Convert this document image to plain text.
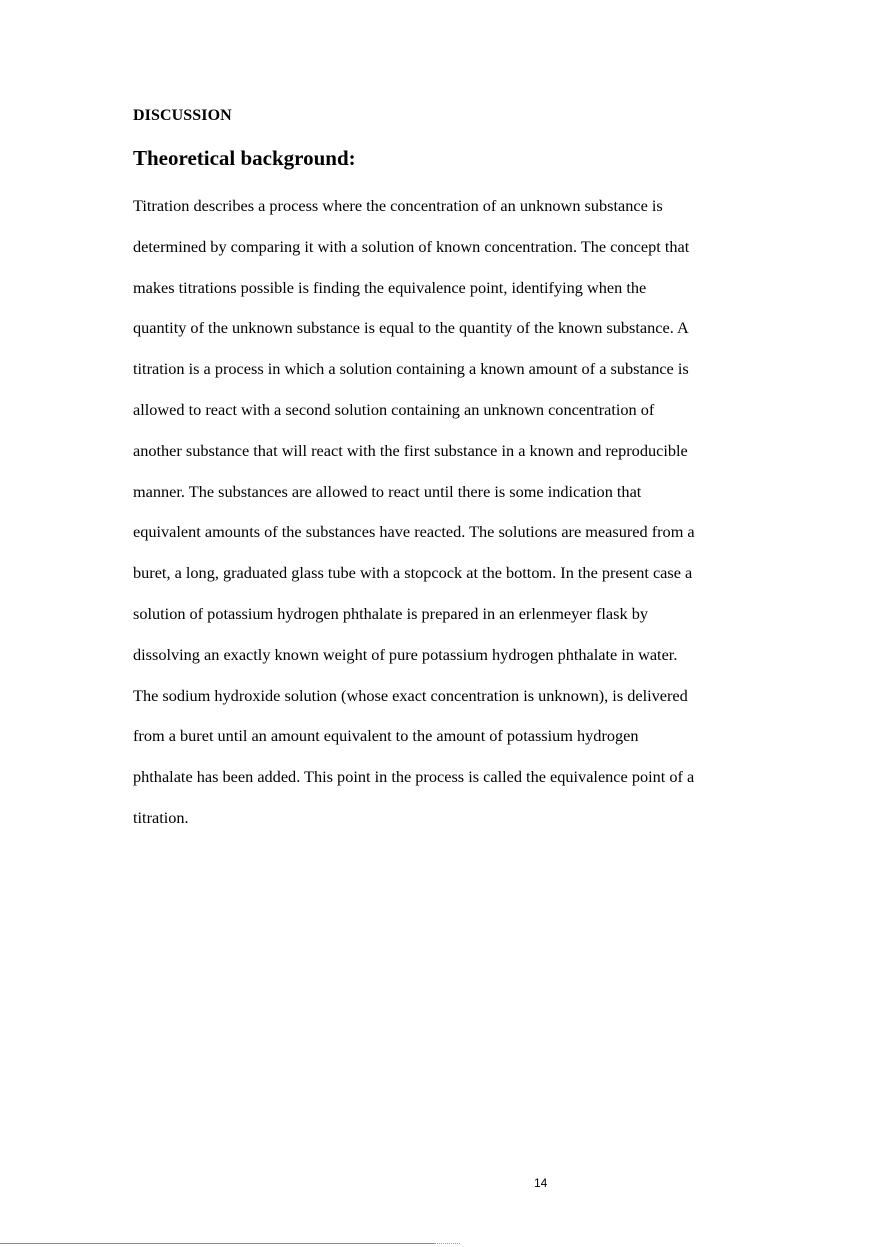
DISCUSSION
Theoretical background:
Titration describes a process where the concentration of an unknown substance is
determined by comparing it with a solution of known concentration. The concept that
makes titrations possible is finding the equivalence point, identifying when the
quantity of the unknown substance is equal to the quantity of the known substance. A
titration is a process in which a solution containing a known amount of a substance is
allowed to react with a second solution containing an unknown concentration of
another substance that will react with the first substance in a known and reproducible
manner. The substances are allowed to react until there is some indication that
equivalent amounts of the substances have reacted. The solutions are measured from a
buret, a long, graduated glass tube with a stopcock at the bottom. In the present case a
solution of potassium hydrogen phthalate is prepared in an erlenmeyer flask by
dissolving an exactly known weight of pure potassium hydrogen phthalate in water.
The sodium hydroxide solution (whose exact concentration is unknown), is delivered
from a buret until an amount equivalent to the amount of potassium hydrogen
phthalate has been added. This point in the process is called the equivalence point of a
titration.
14
